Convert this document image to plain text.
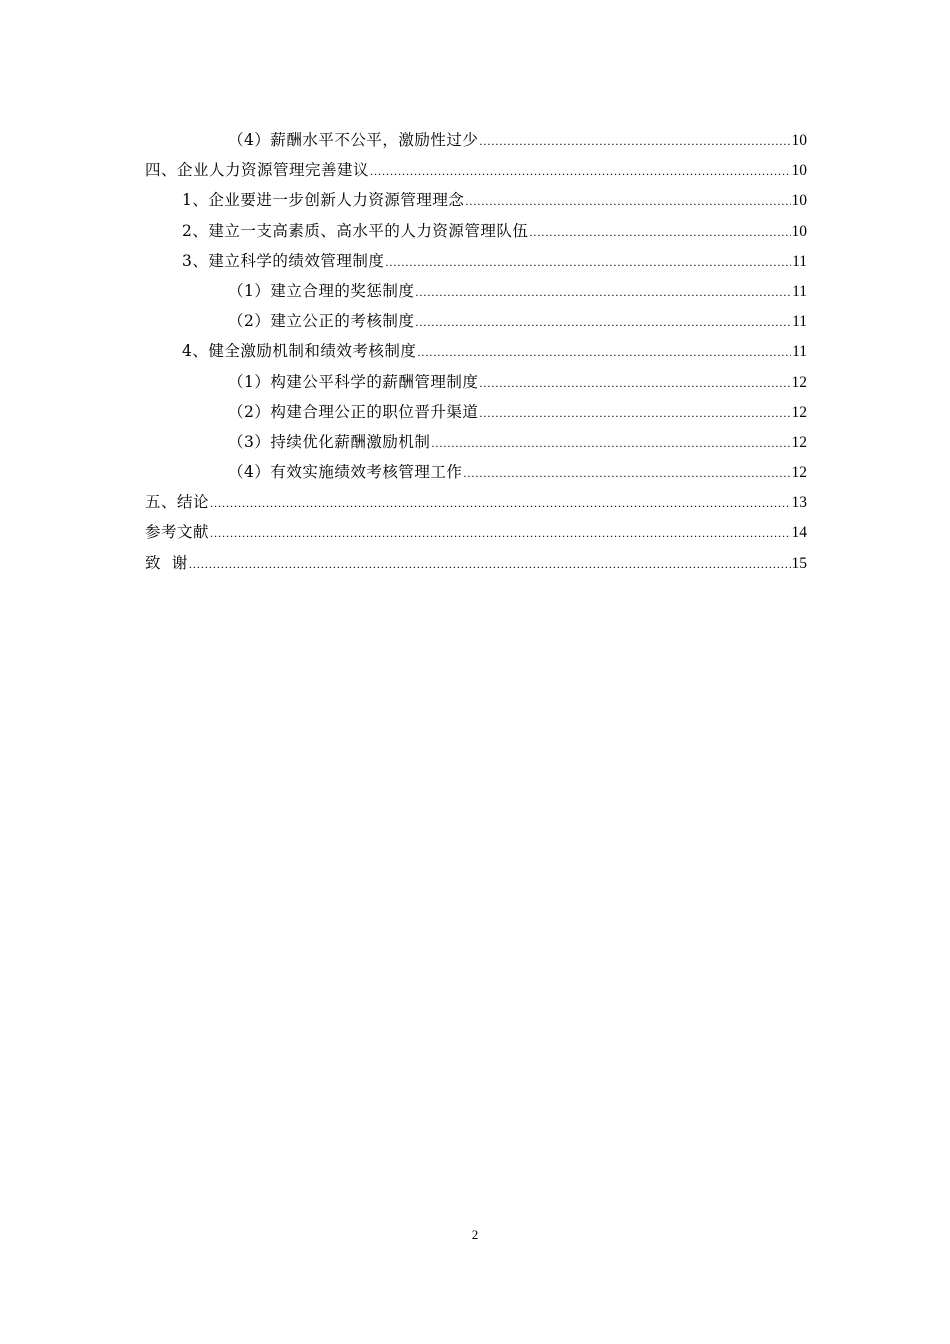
（4）薪酬水平不公平，激励性过少 .....	10
四、企业人力资源管理完善建议 .....	10
1、企业要进一步创新人力资源管理理念 .....	10
2、建立一支高素质、高水平的人力资源管理队伍 .....	10
3、建立科学的绩效管理制度 .....	11
（1）建立合理的奖惩制度 .....	11
（2）建立公正的考核制度 .....	11
4、健全激励机制和绩效考核制度 .....	11
（1）构建公平科学的薪酬管理制度 .....	12
（2）构建合理公正的职位晋升渠道 .....	12
（3）持续优化薪酬激励机制 .....	12
（4）有效实施绩效考核管理工作 .....	12
五、结论 .....	13
参考文献 .....	14
致  谢 .....	15
2
